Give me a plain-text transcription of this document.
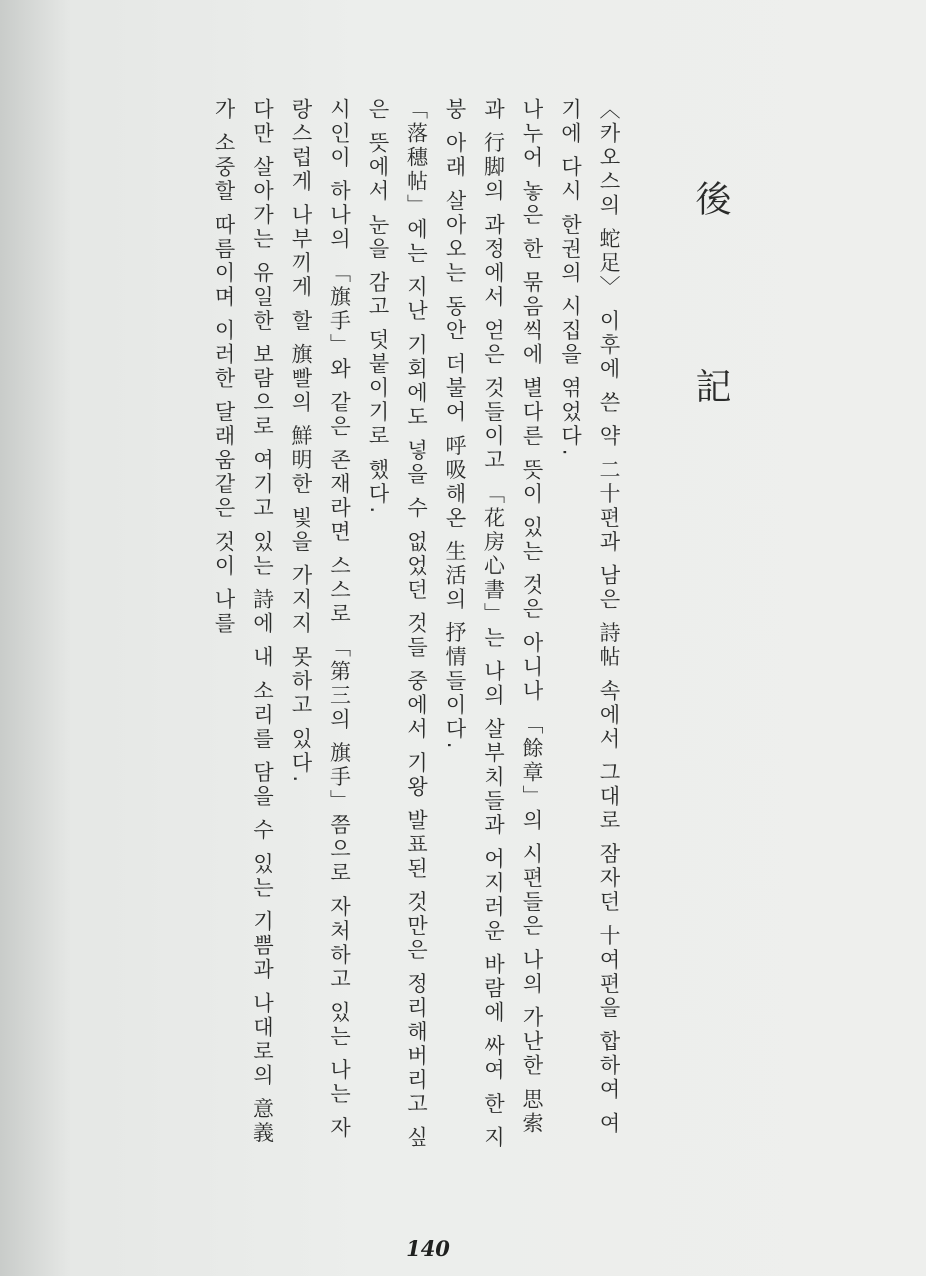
後 記

〈카오스의 蛇足〉 이후에 쓴 약 二十편과 남은 詩帖 속에서 그대로 잠자던 十여편을 합하여 여기에 다시 한권의 시집을 엮었다.

나누어 놓은 한 묶음씩에 별다른 뜻이 있는 것은 아니나 「餘章」의 시편들은 나의 가난한 思索과 行脚의 과정에서 얻은 것들이고 「花房心書」는 나의 살부치들과 어지러운 바람에 싸여 한 지붕 아래 살아오는 동안 더불어 呼吸해온 生活의 抒情들이다.

「落穗帖」에는 지난 기회에도 넣을 수 없었던 것들 중에서 기왕 발표된 것만은 정리해버리고 싶은 뜻에서 눈을 감고 덧붙이기로 했다.

시인이 하나의 「旗手」와 같은 존재라면 스스로 「第三의 旗手」쯤으로 자처하고 있는 나는 자랑스럽게 나부끼게 할 旗빨의 鮮明한 빛을 가지지 못하고 있다.

다만 살아가는 유일한 보람으로 여기고 있는 詩에 내 소리를 담을 수 있는 기쁨과 나대로의 意義가 소중할 따름이며 이러한 달래움같은 것이 나를

140
